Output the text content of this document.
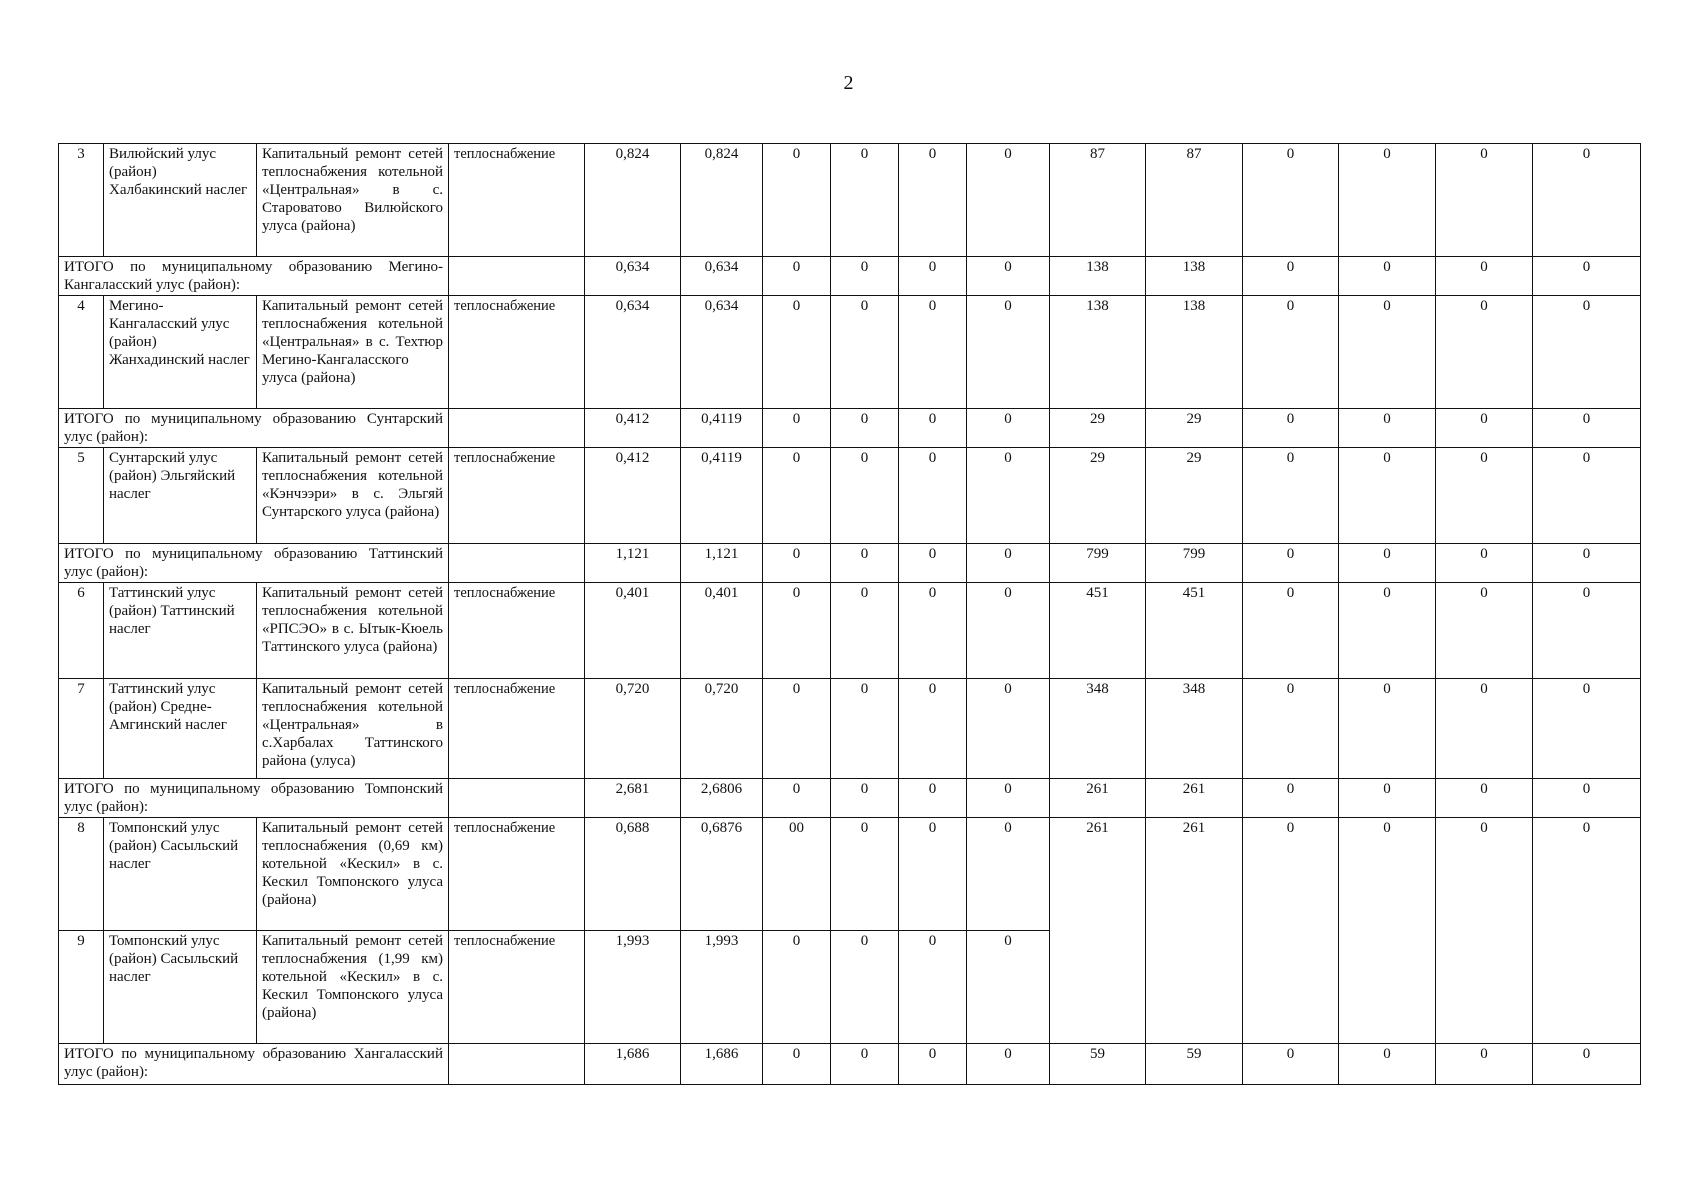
2
3	Вилюйский улус (район) Халбакинский наслег	Капитальный ремонт сетей теплоснабжения котельной «Центральная» в с. Староватово Вилюйского улуса (района)	теплоснабжение	0,824	0,824	0	0	0	0	87	87	0	0	0	0
ИТОГО по муниципальному образованию Мегино-Кангаласский улус (район):				0,634	0,634	0	0	0	0	138	138	0	0	0	0
4	Мегино-Кангаласский улус (район) Жанхадинский наслег	Капитальный ремонт сетей теплоснабжения котельной «Центральная» в с. Техтюр Мегино-Кангаласского улуса (района)	теплоснабжение	0,634	0,634	0	0	0	0	138	138	0	0	0	0
ИТОГО по муниципальному образованию Сунтарский улус (район):				0,412	0,4119	0	0	0	0	29	29	0	0	0	0
5	Сунтарский улус (район) Эльгяйский наслег	Капитальный ремонт сетей теплоснабжения котельной «Кэнчээри» в с. Эльгяй Сунтарского улуса (района)	теплоснабжение	0,412	0,4119	0	0	0	0	29	29	0	0	0	0
ИТОГО по муниципальному образованию Таттинский улус (район):				1,121	1,121	0	0	0	0	799	799	0	0	0	0
6	Таттинский улус (район) Таттинский наслег	Капитальный ремонт сетей теплоснабжения котельной «РПСЭО» в с. Ытык-Кюель Таттинского улуса (района)	теплоснабжение	0,401	0,401	0	0	0	0	451	451	0	0	0	0
7	Таттинский улус (район) Средне-Амгинский наслег	Капитальный ремонт сетей теплоснабжения котельной «Центральная» в с.Харбалах Таттинского района (улуса)	теплоснабжение	0,720	0,720	0	0	0	0	348	348	0	0	0	0
ИТОГО по муниципальному образованию Томпонский улус (район):				2,681	2,6806	0	0	0	0	261	261	0	0	0	0
8	Томпонский улус (район) Сасыльский наслег	Капитальный ремонт сетей теплоснабжения (0,69 км) котельной «Кескил» в с. Кескил Томпонского улуса (района)	теплоснабжение	0,688	0,6876	00	0	0	0	261	261	0	0	0	0
9	Томпонский улус (район) Сасыльский наслег	Капитальный ремонт сетей теплоснабжения (1,99 км) котельной «Кескил» в с. Кескил Томпонского улуса (района)	теплоснабжение	1,993	1,993	0	0	0	0						
ИТОГО по муниципальному образованию Хангаласский улус (район):				1,686	1,686	0	0	0	0	59	59	0	0	0	0
